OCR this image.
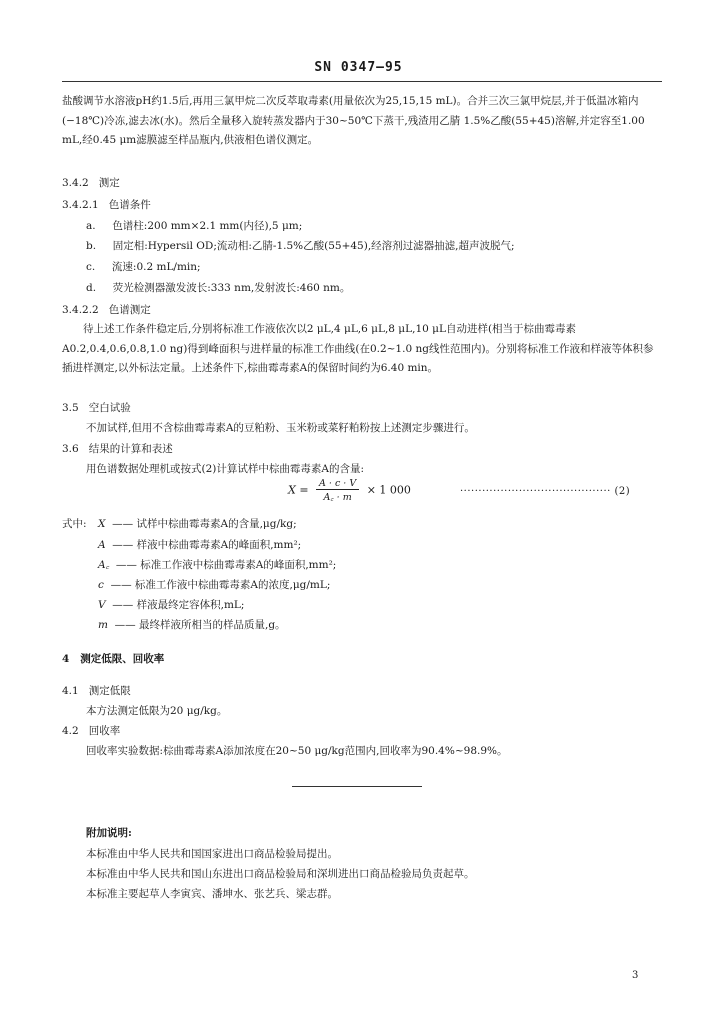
SN 0347—95
盐酸调节水溶液pH约1.5后,再用三氯甲烷二次反萃取毒素(用量依次为25,15,15 mL)。合并三次三氯甲烷层,并于低温冰箱内(−18℃)冷冻,滤去冰(水)。然后全量移入旋转蒸发器内于30~50℃下蒸干,残渣用乙腈 1.5%乙酸(55+45)溶解,并定容至1.00 mL,经0.45 μm滤膜滤至样品瓶内,供液相色谱仪测定。
3.4.2 测定
3.4.2.1 色谱条件
a. 色谱柱:200 mm×2.1 mm(内径),5 μm;
b. 固定相:Hypersil OD;流动相:乙腈-1.5%乙酸(55+45),经溶剂过滤器抽滤,超声波脱气;
c. 流速:0.2 mL/min;
d. 荧光检测器激发波长:333 nm,发射波长:460 nm。
3.4.2.2 色谱测定
待上述工作条件稳定后,分别将标准工作液依次以2 μL,4 μL,6 μL,8 μL,10 μL自动进样(相当于棕曲霉毒素A0.2,0.4,0.6,0.8,1.0 ng)得到峰面积与进样量的标准工作曲线(在0.2~1.0 ng线性范围内)。分别将标准工作液和样液等体积参插进样测定,以外标法定量。上述条件下,棕曲霉毒素A的保留时间约为6.40 min。
3.5 空白试验
不加试样,但用不含棕曲霉毒素A的豆粕粉、玉米粉或菜籽粕粉按上述测定步骤进行。
3.6 结果的计算和表述
用色谱数据处理机或按式(2)计算试样中棕曲霉毒素A的含量:
$X = \frac{A \cdot c \cdot V}{A꜀ \cdot m} \times 1$ 000	········································· (2)
式中: X —— 试样中棕曲霉毒素A的含量,μg/kg;
A —— 样液中棕曲霉毒素A的峰面积,mm²;
A꜀ —— 标准工作液中棕曲霉毒素A的峰面积,mm²;
c —— 标准工作液中棕曲霉毒素A的浓度,μg/mL;
V —— 样液最终定容体积,mL;
m —— 最终样液所相当的样品质量,g。
4 测定低限、回收率
4.1 测定低限
本方法测定低限为20 μg/kg。
4.2 回收率
回收率实验数据:棕曲霉毒素A添加浓度在20~50 μg/kg范围内,回收率为90.4%~98.9%。
附加说明:
本标准由中华人民共和国国家进出口商品检验局提出。
本标准由中华人民共和国山东进出口商品检验局和深圳进出口商品检验局负责起草。
本标准主要起草人李寅宾、潘坤水、张艺兵、梁志群。
3
